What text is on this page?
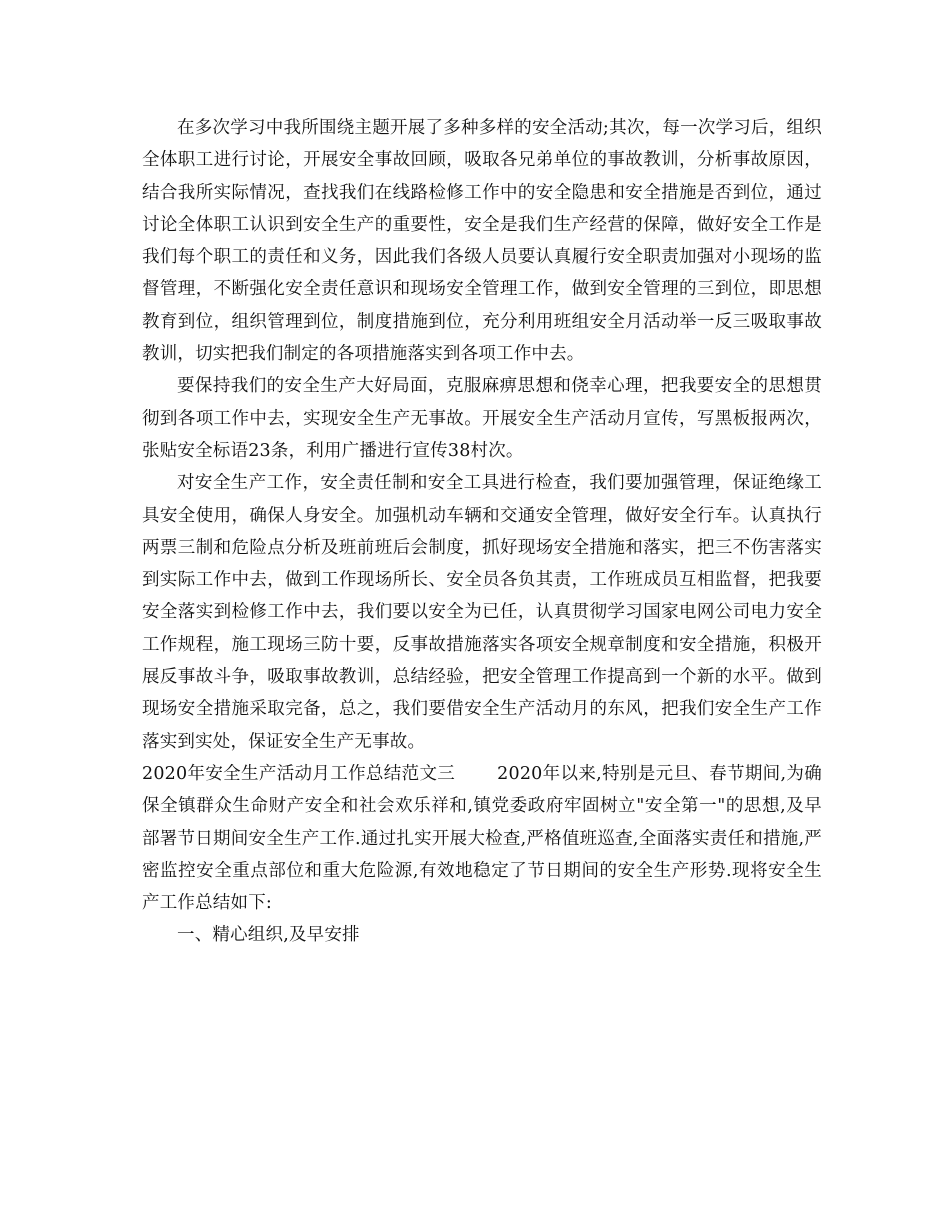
在多次学习中我所围绕主题开展了多种多样的安全活动;其次，每一次学习后，组织全体职工进行讨论，开展安全事故回顾，吸取各兄弟单位的事故教训，分析事故原因，结合我所实际情况，查找我们在线路检修工作中的安全隐患和安全措施是否到位，通过讨论全体职工认识到安全生产的重要性，安全是我们生产经营的保障，做好安全工作是我们每个职工的责任和义务，因此我们各级人员要认真履行安全职责加强对小现场的监督管理，不断强化安全责任意识和现场安全管理工作，做到安全管理的三到位，即思想教育到位，组织管理到位，制度措施到位，充分利用班组安全月活动举一反三吸取事故教训，切实把我们制定的各项措施落实到各项工作中去。

要保持我们的安全生产大好局面，克服麻痹思想和侥幸心理，把我要安全的思想贯彻到各项工作中去，实现安全生产无事故。开展安全生产活动月宣传，写黑板报两次，张贴安全标语23条，利用广播进行宣传38村次。

对安全生产工作，安全责任制和安全工具进行检查，我们要加强管理，保证绝缘工具安全使用，确保人身安全。加强机动车辆和交通安全管理，做好安全行车。认真执行两票三制和危险点分析及班前班后会制度，抓好现场安全措施和落实，把三不伤害落实到实际工作中去，做到工作现场所长、安全员各负其责，工作班成员互相监督，把我要安全落实到检修工作中去，我们要以安全为已任，认真贯彻学习国家电网公司电力安全工作规程，施工现场三防十要，反事故措施落实各项安全规章制度和安全措施，积极开展反事故斗争，吸取事故教训，总结经验，把安全管理工作提高到一个新的水平。做到现场安全措施采取完备，总之，我们要借安全生产活动月的东风，把我们安全生产工作落实到实处，保证安全生产无事故。

2020年安全生产活动月工作总结范文三 2020年以来,特别是元旦、春节期间,为确保全镇群众生命财产安全和社会欢乐祥和,镇党委政府牢固树立"安全第一"的思想,及早部署节日期间安全生产工作.通过扎实开展大检查,严格值班巡查,全面落实责任和措施,严密监控安全重点部位和重大危险源,有效地稳定了节日期间的安全生产形势.现将安全生产工作总结如下:

一、精心组织,及早安排
